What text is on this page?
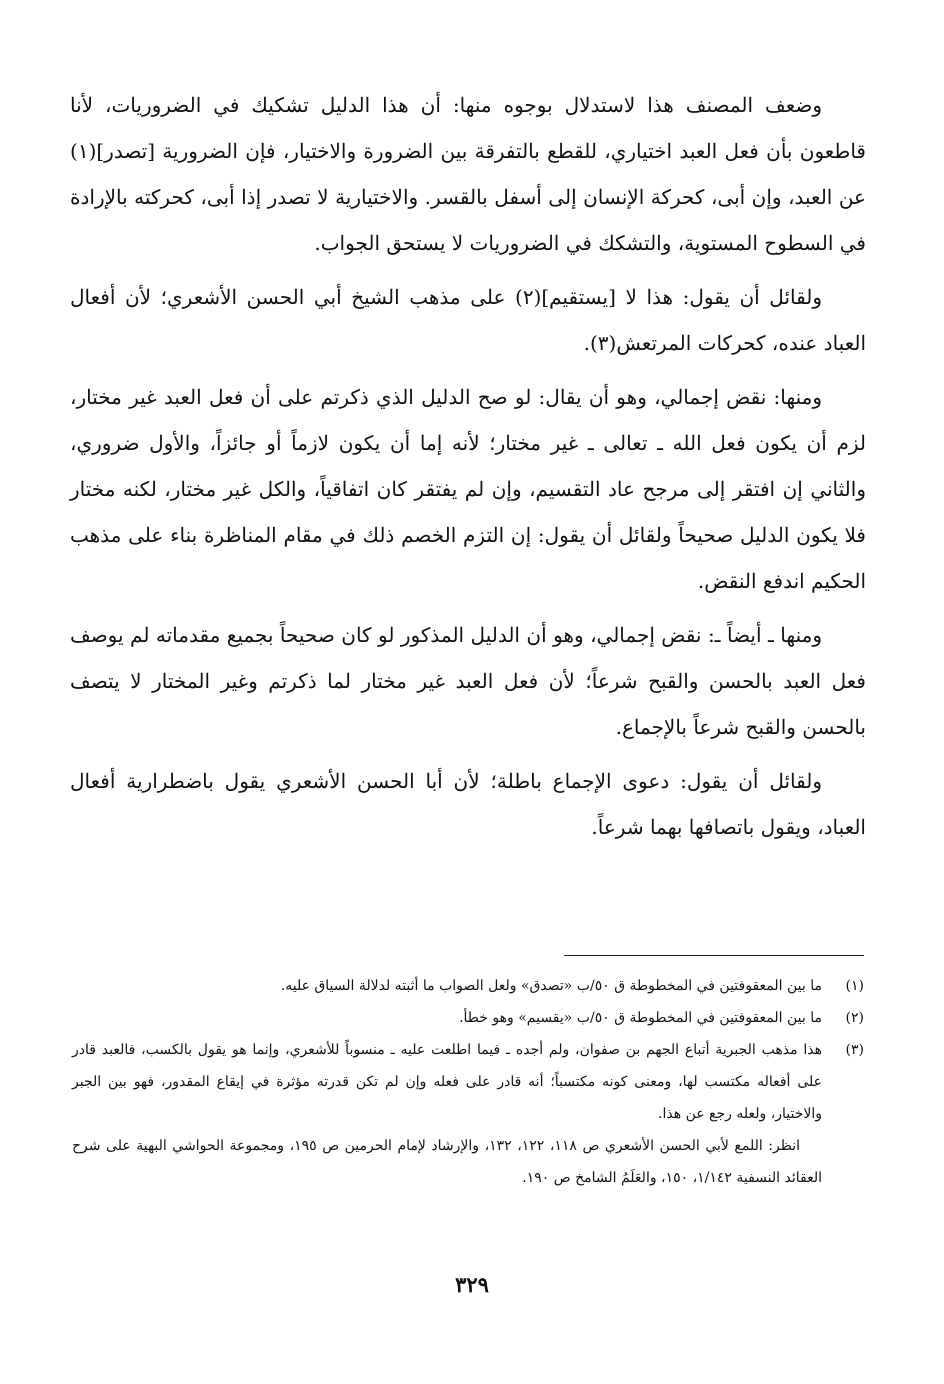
وضعف المصنف هذا لاستدلال بوجوه منها: أن هذا الدليل تشكيك في الضروريات، لأنا قاطعون بأن فعل العبد اختياري، للقطع بالتفرقة بين الضرورة والاختيار، فإن الضرورية [تصدر](١) عن العبد، وإن أبى، كحركة الإنسان إلى أسفل بالقسر. والاختيارية لا تصدر إذا أبى، كحركته بالإرادة في السطوح المستوية، والتشكك في الضروريات لا يستحق الجواب.

ولقائل أن يقول: هذا لا [يستقيم](٢) على مذهب الشيخ أبي الحسن الأشعري؛ لأن أفعال العباد عنده، كحركات المرتعش(٣).

ومنها: نقض إجمالي، وهو أن يقال: لو صح الدليل الذي ذكرتم على أن فعل العبد غير مختار، لزم أن يكون فعل الله ـ تعالى ـ غير مختار؛ لأنه إما أن يكون لازماً أو جائزاً، والأول ضروري، والثاني إن افتقر إلى مرجح عاد التقسيم، وإن لم يفتقر كان اتفاقياً، والكل غير مختار، لكنه مختار فلا يكون الدليل صحيحاً ولقائل أن يقول: إن التزم الخصم ذلك في مقام المناظرة بناء على مذهب الحكيم اندفع النقض.

ومنها ـ أيضاً ـ: نقض إجمالي، وهو أن الدليل المذكور لو كان صحيحاً بجميع مقدماته لم يوصف فعل العبد بالحسن والقبح شرعاً؛ لأن فعل العبد غير مختار لما ذكرتم وغير المختار لا يتصف بالحسن والقبح شرعاً بالإجماع.

ولقائل أن يقول: دعوى الإجماع باطلة؛ لأن أبا الحسن الأشعري يقول باضطرارية أفعال العباد، ويقول باتصافها بهما شرعاً.

(١)

ما بين المعقوفتين في المخطوطة ق ٥٠/ب «تصدق» ولعل الصواب ما أثبته لدلالة السياق عليه.

(٢)

ما بين المعقوفتين في المخطوطة ق ٥٠/ب «يقسيم» وهو خطأ.

(٣)

هذا مذهب الجبرية أتباع الجهم بن صفوان، ولم أجده ـ فيما اطلعت عليه ـ منسوباً للأشعري، وإنما هو يقول بالكسب، فالعبد قادر على أفعاله مكتسب لها، ومعنى كونه مكتسباً؛ أنه قادر على فعله وإن لم تكن قدرته مؤثرة في إيقاع المقدور، فهو بين الجبر والاختيار، ولعله رجع عن هذا.

انظر: اللمع لأبي الحسن الأشعري ص ١١٨، ١٢٢، ١٣٢، والإرشاد لإمام الحرمين ص ١٩٥، ومجموعة الحواشي البهية على شرح العقائد النسفية ١/١٤٢، ١٥٠، والعَلَمُ الشامخ ص ١٩٠.

٣٢٩
